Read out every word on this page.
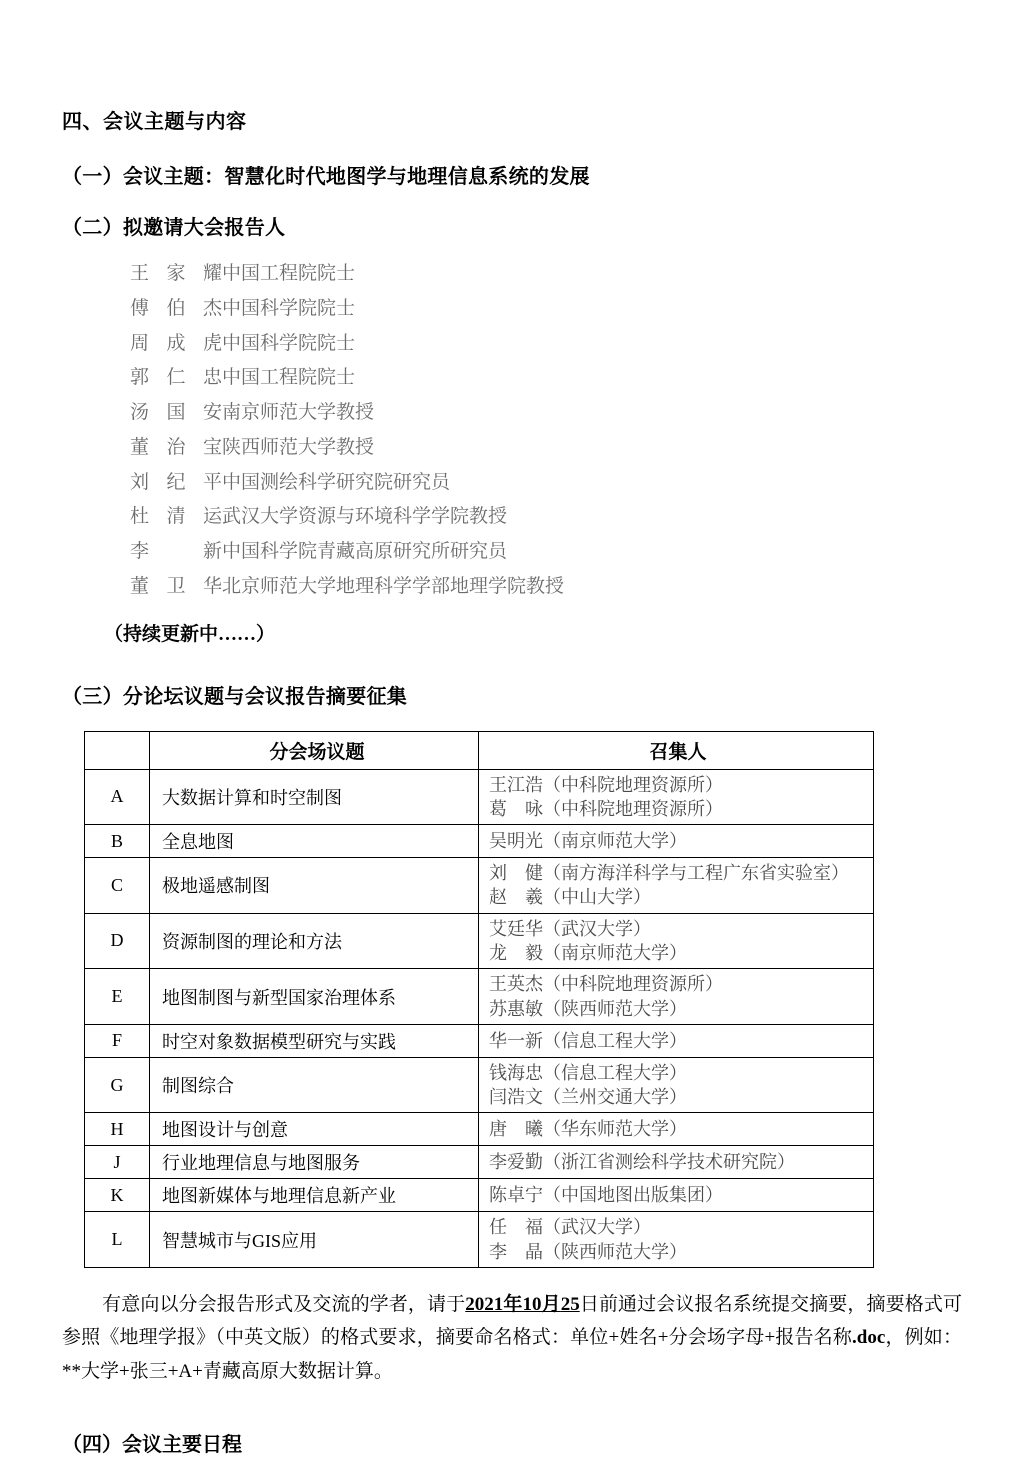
四、会议主题与内容
（一）会议主题：智慧化时代地图学与地理信息系统的发展
（二）拟邀请大会报告人
王家耀 中国工程院院士
傅伯杰 中国科学院院士
周成虎 中国科学院院士
郭仁忠 中国工程院院士
汤国安 南京师范大学教授
董治宝 陕西师范大学教授
刘纪平 中国测绘科学研究院研究员
杜清运 武汉大学资源与环境科学学院教授
李　新 中国科学院青藏高原研究所研究员
董卫华 北京师范大学地理科学学部地理学院教授
（持续更新中……）
（三）分论坛议题与会议报告摘要征集
	分会场议题	召集人
A	大数据计算和时空制图	王江浩（中科院地理资源所）
葛　咏（中科院地理资源所）

B	全息地图	吴明光（南京师范大学）

C	极地遥感制图	刘　健（南方海洋科学与工程广东省实验室）
赵　羲（中山大学）

D	资源制图的理论和方法	艾廷华（武汉大学）
龙　毅（南京师范大学）

E	地图制图与新型国家治理体系	王英杰（中科院地理资源所）
苏惠敏（陕西师范大学）

F	时空对象数据模型研究与实践	华一新（信息工程大学）

G	制图综合	钱海忠（信息工程大学）
闫浩文（兰州交通大学）

H	地图设计与创意	唐　曦（华东师范大学）

J	行业地理信息与地图服务	李爱勤（浙江省测绘科学技术研究院）

K	地图新媒体与地理信息新产业	陈卓宁（中国地图出版集团）

L	智慧城市与GIS应用	任　福（武汉大学）
李　晶（陕西师范大学）

有意向以分会报告形式及交流的学者，请于2021年10月25日前通过会议报名系统提交摘要，摘要格式可参照《地理学报》（中英文版）的格式要求，摘要命名格式：单位+姓名+分会场字母+报告名称.doc，例如：**大学+张三+A+青藏高原大数据计算。

（四）会议主要日程
